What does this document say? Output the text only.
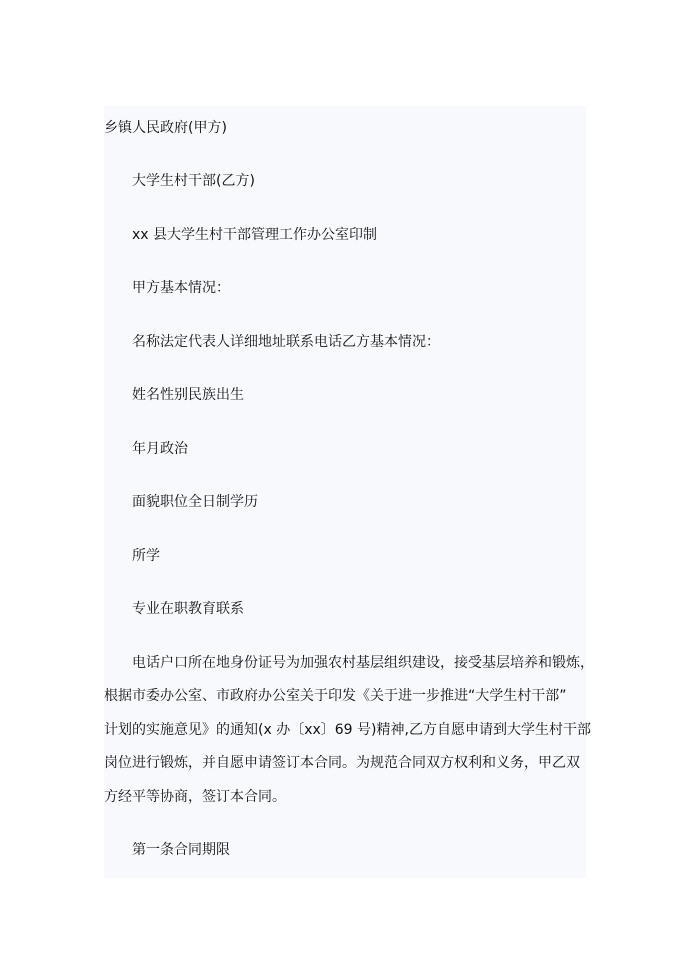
乡镇人民政府(甲方)
大学生村干部(乙方)
xx 县大学生村干部管理工作办公室印制
甲方基本情况：
名称法定代表人详细地址联系电话乙方基本情况：
姓名性别民族出生
年月政治
面貌职位全日制学历
所学
专业在职教育联系
电话户口所在地身份证号为加强农村基层组织建设，接受基层培养和锻炼，
根据市委办公室、市政府办公室关于印发《关于进一步推进“大学生村干部”
计划的实施意见》的通知(x 办〔xx〕69 号)精神,乙方自愿申请到大学生村干部
岗位进行锻炼，并自愿申请签订本合同。为规范合同双方权利和义务，甲乙双
方经平等协商，签订本合同。
第一条合同期限
